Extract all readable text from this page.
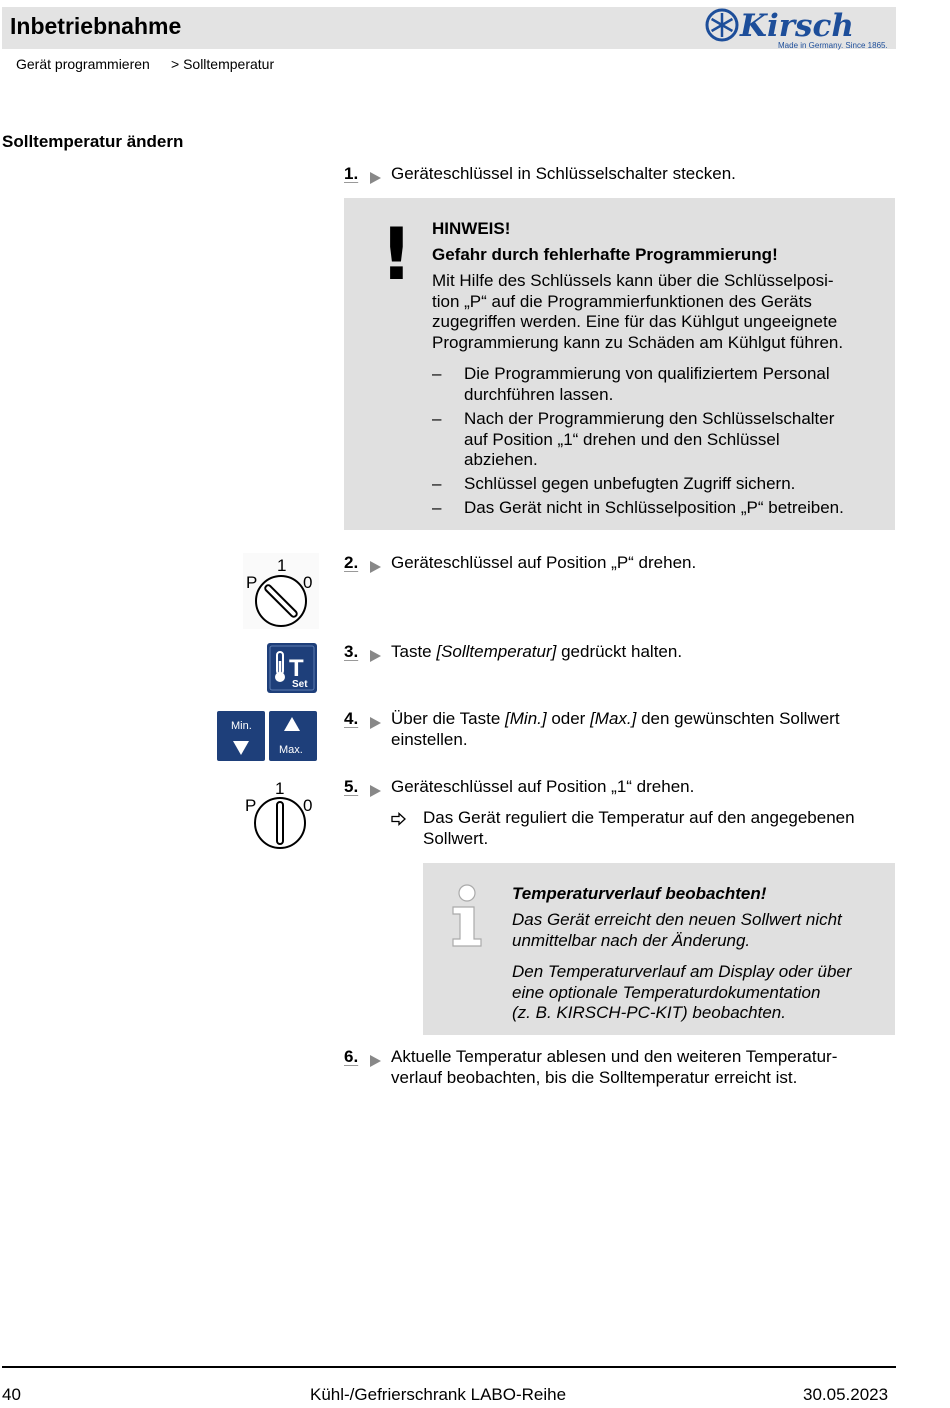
Inbetriebnahme	Kirsch
Made in Germany. Since 1865.
Gerät programmieren > Solltemperatur
Solltemperatur ändern
1. Geräteschlüssel in Schlüsselschalter stecken.
! HINWEIS!
Gefahr durch fehlerhafte Programmierung!
Mit Hilfe des Schlüssels kann über die Schlüsselposi-
tion „P“ auf die Programmierfunktionen des Geräts
zugegriffen werden. Eine für das Kühlgut ungeeignete
Programmierung kann zu Schäden am Kühlgut führen.
– Die Programmierung von qualifiziertem Personal
durchführen lassen.
– Nach der Programmierung den Schlüsselschalter
auf Position „1“ drehen und den Schlüssel
abziehen.
– Schlüssel gegen unbefugten Zugriff sichern.
– Das Gerät nicht in Schlüsselposition „P“ betreiben.
1
P	0
2. Geräteschlüssel auf Position „P“ drehen.
T
Set
3. Taste [Solltemperatur] gedrückt halten.
Min.
Max.
4. Über die Taste [Min.] oder [Max.] den gewünschten Sollwert
einstellen.
1
P	0
5. Geräteschlüssel auf Position „1“ drehen.
Das Gerät reguliert die Temperatur auf den angegebenen
Sollwert.
Temperaturverlauf beobachten!
Das Gerät erreicht den neuen Sollwert nicht
unmittelbar nach der Änderung.
Den Temperaturverlauf am Display oder über
eine optionale Temperaturdokumentation
(z. B. KIRSCH-PC-KIT) beobachten.
6. Aktuelle Temperatur ablesen und den weiteren Temperatur-
verlauf beobachten, bis die Solltemperatur erreicht ist.
40	Kühl-/Gefrierschrank LABO-Reihe	30.05.2023
